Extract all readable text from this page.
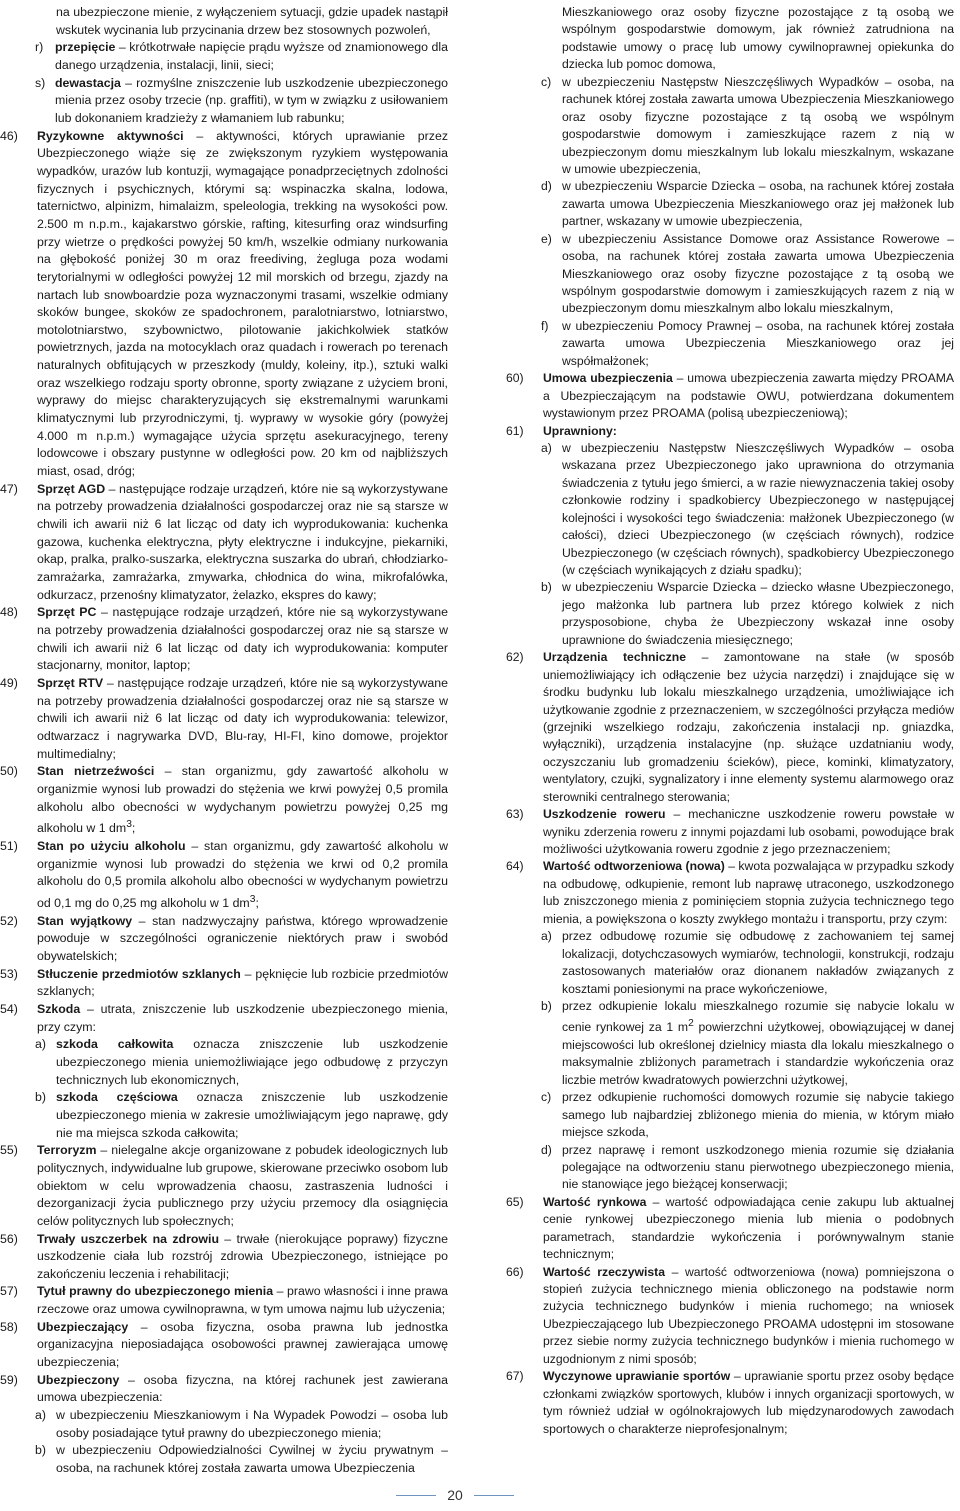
na ubezpieczone mienie, z wyłączeniem sytuacji, gdzie upadek nastąpił wskutek wycinania lub przycinania drzew bez stosownych pozwoleń,

r) przepięcie – krótkotrwałe napięcie prądu wyższe od znamionowego dla danego urządzenia, instalacji, linii, sieci;

s) dewastacja – rozmyślne zniszczenie lub uszkodzenie ubezpieczonego mienia przez osoby trzecie (np. graffiti), w tym w związku z usiłowaniem lub dokonaniem kradzieży z włamaniem lub rabunku;

46) Ryzykowne aktywności – aktywności, których uprawianie przez Ubezpieczonego wiąże się ze zwiększonym ryzykiem występowania wypadków, urazów lub kontuzji, wymagające ponadprzeciętnych zdolności fizycznych i psychicznych, którymi są: wspinaczka skalna, lodowa, taternictwo, alpinizm, himalaizm, speleologia, trekking na wysokości pow. 2.500 m n.p.m., kajakarstwo górskie, rafting, kitesurfing oraz windsurfing przy wietrze o prędkości powyżej 50 km/h, wszelkie odmiany nurkowania na głębokość poniżej 30 m oraz freediving, żegluga poza wodami terytorialnymi w odległości powyżej 12 mil morskich od brzegu, zjazdy na nartach lub snowboardzie poza wyznaczonymi trasami, wszelkie odmiany skoków bungee, skoków ze spadochronem, paralotniarstwo, lotniarstwo, motolotniarstwo, szybownictwo, pilotowanie jakichkolwiek statków powietrznych, jazda na motocyklach oraz quadach i rowerach po terenach naturalnych obfitujących w przeszkody (muldy, koleiny, itp.), sztuki walki oraz wszelkiego rodzaju sporty obronne, sporty związane z użyciem broni, wyprawy do miejsc charakteryzujących się ekstremalnymi warunkami klimatycznymi lub przyrodniczymi, tj. wyprawy w wysokie góry (powyżej 4.000 m n.p.m.) wymagające użycia sprzętu asekuracyjnego, tereny lodowcowe i obszary pustynne w odległości pow. 20 km od najbliższych miast, osad, dróg;

47) Sprzęt AGD – następujące rodzaje urządzeń, które nie są wykorzystywane na potrzeby prowadzenia działalności gospodarczej oraz nie są starsze w chwili ich awarii niż 6 lat licząc od daty ich wyprodukowania: kuchenka gazowa, kuchenka elektryczna, płyty elektryczne i indukcyjne, piekarniki, okap, pralka, pralko-suszarka, elektryczna suszarka do ubrań, chłodziarko-zamrażarka, zamrażarka, zmywarka, chłodnica do wina, mikrofalówka, odkurzacz, przenośny klimatyzator, żelazko, ekspres do kawy;

48) Sprzęt PC – następujące rodzaje urządzeń, które nie są wykorzystywane na potrzeby prowadzenia działalności gospodarczej oraz nie są starsze w chwili ich awarii niż 6 lat licząc od daty ich wyprodukowania: komputer stacjonarny, monitor, laptop;

49) Sprzęt RTV – następujące rodzaje urządzeń, które nie są wykorzystywane na potrzeby prowadzenia działalności gospodarczej oraz nie są starsze w chwili ich awarii niż 6 lat licząc od daty ich wyprodukowania: telewizor, odtwarzacz i nagrywarka DVD, Blu-ray, HI-FI, kino domowe, projektor multimedialny;

50) Stan nietrzeźwości – stan organizmu, gdy zawartość alkoholu w organizmie wynosi lub prowadzi do stężenia we krwi powyżej 0,5 promila alkoholu albo obecności w wydychanym powietrzu powyżej 0,25 mg alkoholu w 1 $dm^3$;

51) Stan po użyciu alkoholu – stan organizmu, gdy zawartość alkoholu w organizmie wynosi lub prowadzi do stężenia we krwi od 0,2 promila alkoholu do 0,5 promila alkoholu albo obecności w wydychanym powietrzu od 0,1 mg do 0,25 mg alkoholu w 1 $dm^3$;

52) Stan wyjątkowy – stan nadzwyczajny państwa, którego wprowadzenie powoduje w szczególności ograniczenie niektórych praw i swobód obywatelskich;

53) Stłuczenie przedmiotów szklanych – pęknięcie lub rozbicie przedmiotów szklanych;

54) Szkoda – utrata, zniszczenie lub uszkodzenie ubezpieczonego mienia, przy czym:

a) szkoda całkowita oznacza zniszczenie lub uszkodzenie ubezpieczonego mienia uniemożliwiające jego odbudowę z przyczyn technicznych lub ekonomicznych,

b) szkoda częściowa oznacza zniszczenie lub uszkodzenie ubezpieczonego mienia w zakresie umożliwiającym jego naprawę, gdy nie ma miejsca szkoda całkowita;

55) Terroryzm – nielegalne akcje organizowane z pobudek ideologicznych lub politycznych, indywidualne lub grupowe, skierowane przeciwko osobom lub obiektom w celu wprowadzenia chaosu, zastraszenia ludności i dezorganizacji życia publicznego przy użyciu przemocy dla osiągnięcia celów politycznych lub społecznych;

56) Trwały uszczerbek na zdrowiu – trwałe (nierokujące poprawy) fizyczne uszkodzenie ciała lub rozstrój zdrowia Ubezpieczonego, istniejące po zakończeniu leczenia i rehabilitacji;

57) Tytuł prawny do ubezpieczonego mienia – prawo własności i inne prawa rzeczowe oraz umowa cywilnoprawna, w tym umowa najmu lub użyczenia;

58) Ubezpieczający – osoba fizyczna, osoba prawna lub jednostka organizacyjna nieposiadająca osobowości prawnej zawierająca umowę ubezpieczenia;

59) Ubezpieczony – osoba fizyczna, na której rachunek jest zawierana umowa ubezpieczenia:

a) w ubezpieczeniu Mieszkaniowym i Na Wypadek Powodzi – osoba lub osoby posiadające tytuł prawny do ubezpieczonego mienia;

b) w ubezpieczeniu Odpowiedzialności Cywilnej w życiu prywatnym – osoba, na rachunek której została zawarta umowa Ubezpieczenia

Mieszkaniowego oraz osoby fizyczne pozostające z tą osobą we wspólnym gospodarstwie domowym, jak również zatrudniona na podstawie umowy o pracę lub umowy cywilnoprawnej opiekunka do dziecka lub pomoc domowa,

c) w ubezpieczeniu Następstw Nieszczęśliwych Wypadków – osoba, na rachunek której została zawarta umowa Ubezpieczenia Mieszkaniowego oraz osoby fizyczne pozostające z tą osobą we wspólnym gospodarstwie domowym i zamieszkujące razem z nią w ubezpieczonym domu mieszkalnym lub lokalu mieszkalnym, wskazane w umowie ubezpieczenia,

d) w ubezpieczeniu Wsparcie Dziecka – osoba, na rachunek której została zawarta umowa Ubezpieczenia Mieszkaniowego oraz jej małżonek lub partner, wskazany w umowie ubezpieczenia,

e) w ubezpieczeniu Assistance Domowe oraz Assistance Rowerowe – osoba, na rachunek której została zawarta umowa Ubezpieczenia Mieszkaniowego oraz osoby fizyczne pozostające z tą osobą we wspólnym gospodarstwie domowym i zamieszkujących razem z nią w ubezpieczonym domu mieszkalnym albo lokalu mieszkalnym,

f) w ubezpieczeniu Pomocy Prawnej – osoba, na rachunek której została zawarta umowa Ubezpieczenia Mieszkaniowego oraz jej współmałżonek;

60) Umowa ubezpieczenia – umowa ubezpieczenia zawarta między PROAMA a Ubezpieczającym na podstawie OWU, potwierdzana dokumentem wystawionym przez PROAMA (polisą ubezpieczeniową);

61) Uprawniony:

a) w ubezpieczeniu Następstw Nieszczęśliwych Wypadków – osoba wskazana przez Ubezpieczonego jako uprawniona do otrzymania świadczenia z tytułu jego śmierci, a w razie niewyznaczenia takiej osoby członkowie rodziny i spadkobiercy Ubezpieczonego w następującej kolejności i wysokości tego świadczenia: małżonek Ubezpieczonego (w całości), dzieci Ubezpieczonego (w częściach równych), rodzice Ubezpieczonego (w częściach równych), spadkobiercy Ubezpieczonego (w częściach wynikających z działu spadku);

b) w ubezpieczeniu Wsparcie Dziecka – dziecko własne Ubezpieczonego, jego małżonka lub partnera lub przez którego kolwiek z nich przysposobione, chyba że Ubezpieczony wskazał inne osoby uprawnione do świadczenia miesięcznego;

62) Urządzenia techniczne – zamontowane na stałe (w sposób uniemożliwiający ich odłączenie bez użycia narzędzi) i znajdujące się w środku budynku lub lokalu mieszkalnego urządzenia, umożliwiające ich użytkowanie zgodnie z przeznaczeniem, w szczególności przyłącza mediów (grzejniki wszelkiego rodzaju, zakończenia instalacji np. gniazdka, wyłączniki), urządzenia instalacyjne (np. służące uzdatnianiu wody, oczyszczaniu lub gromadzeniu ścieków), piece, kominki, klimatyzatory, wentylatory, czujki, sygnalizatory i inne elementy systemu alarmowego oraz sterowniki centralnego sterowania;

63) Uszkodzenie roweru – mechaniczne uszkodzenie roweru powstałe w wyniku zderzenia roweru z innymi pojazdami lub osobami, powodujące brak możliwości użytkowania roweru zgodnie z jego przeznaczeniem;

64) Wartość odtworzeniowa (nowa) – kwota pozwalająca w przypadku szkody na odbudowę, odkupienie, remont lub naprawę utraconego, uszkodzonego lub zniszczonego mienia z pominięciem stopnia zużycia technicznego tego mienia, a powiększona o koszty zwykłego montażu i transportu, przy czym:

a) przez odbudowę rozumie się odbudowę z zachowaniem tej samej lokalizacji, dotychczasowych wymiarów, technologii, konstrukcji, rodzaju zastosowanych materiałów oraz dionanem nakładów związanych z kosztami poniesionymi na prace wykończeniowe,

b) przez odkupienie lokalu mieszkalnego rozumie się nabycie lokalu w cenie rynkowej za 1 $m^2$ powierzchni użytkowej, obowiązującej w danej miejscowości lub określonej dzielnicy miasta dla lokalu mieszkalnego o maksymalnie zbliżonych parametrach i standardzie wykończenia oraz liczbie metrów kwadratowych powierzchni użytkowej,

c) przez odkupienie ruchomości domowych rozumie się nabycie takiego samego lub najbardziej zbliżonego mienia do mienia, w którym miało miejsce szkoda,

d) przez naprawę i remont uszkodzonego mienia rozumie się działania polegające na odtworzeniu stanu pierwotnego ubezpieczonego mienia, nie stanowiące jego bieżącej konserwacji;

65) Wartość rynkowa – wartość odpowiadająca cenie zakupu lub aktualnej cenie rynkowej ubezpieczonego mienia lub mienia o podobnych parametrach, standardzie wykończenia i porównywalnym stanie technicznym;

66) Wartość rzeczywista – wartość odtworzeniowa (nowa) pomniejszona o stopień zużycia technicznego mienia obliczonego na podstawie norm zużycia technicznego budynków i mienia ruchomego; na wniosek Ubezpieczającego lub Ubezpieczonego PROAMA udostępni im stosowane przez siebie normy zużycia technicznego budynków i mienia ruchomego w uzgodnionym z nimi sposób;

67) Wyczynowe uprawianie sportów – uprawianie sportu przez osoby będące członkami związków sportowych, klubów i innych organizacji sportowych, w tym również udział w ogólnokrajowych lub międzynarodowych zawodach sportowych o charakterze nieprofesjonalnym;

20
